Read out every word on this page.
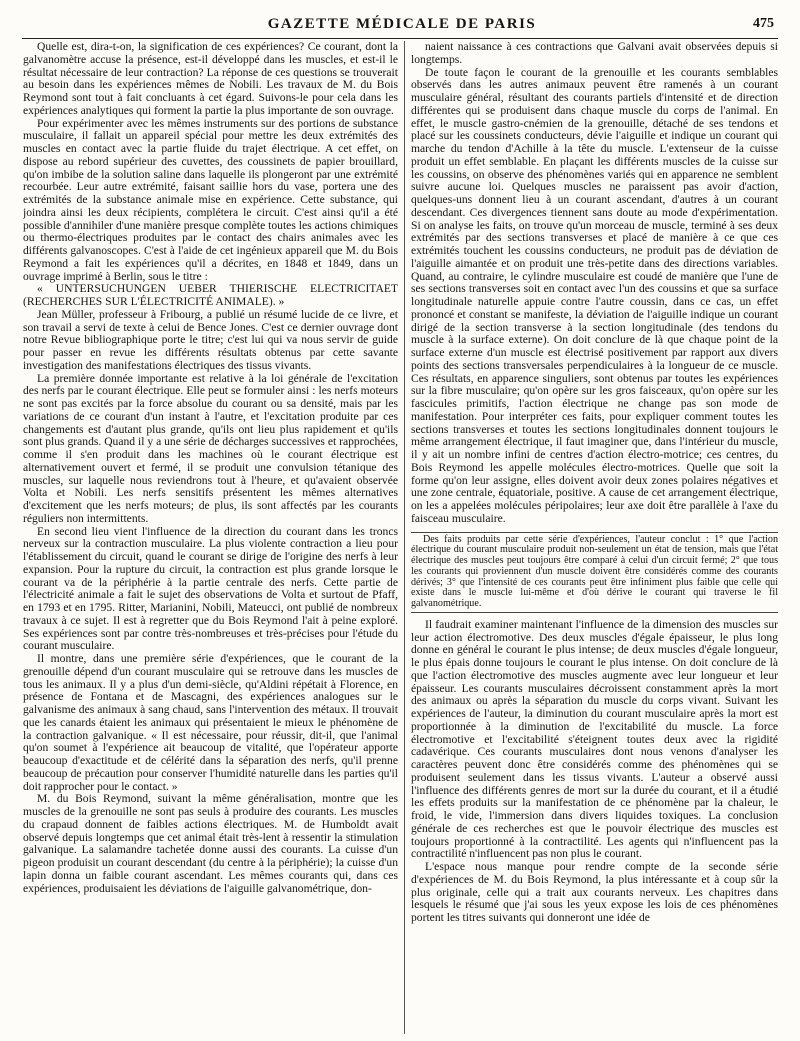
GAZETTE MÉDICALE DE PARIS	475

Quelle est, dira-t-on, la signification de ces expériences? Ce courant, dont la galvanomètre accuse la présence, est-il développé dans les muscles, et est-il le résultat nécessaire de leur contraction? La réponse de ces questions se trouverait au besoin dans les expériences mêmes de Nobili. Les travaux de M. du Bois Reymond sont tout à fait concluants à cet égard. Suivons-le pour cela dans les expériences analytiques qui forment la partie la plus importante de son ouvrage.

Pour expérimenter avec les mêmes instruments sur des portions de substance musculaire, il fallait un appareil spécial pour mettre les deux extrémités des muscles en contact avec la partie fluide du trajet électrique. A cet effet, on dispose au rebord supérieur des cuvettes, des coussinets de papier brouillard, qu'on imbibe de la solution saline dans laquelle ils plongeront par une extrémité recourbée. Leur autre extrémité, faisant saillie hors du vase, portera une des extrémités de la substance animale mise en expérience. Cette substance, qui joindra ainsi les deux récipients, complétera le circuit. C'est ainsi qu'il a été possible d'annihiler d'une manière presque complète toutes les actions chimiques ou thermo-électriques produites par le contact des chairs animales avec les différents galvanoscopes. C'est à l'aide de cet ingénieux appareil que M. du Bois Reymond a fait les expériences qu'il a décrites, en 1848 et 1849, dans un ouvrage imprimé à Berlin, sous le titre :

« UNTERSUCHUNGEN UEBER THIERISCHE ELECTRICITAET (RECHERCHES SUR L'ÉLECTRICITÉ ANIMALE). »

Jean Müller, professeur à Fribourg, a publié un résumé lucide de ce livre, et son travail a servi de texte à celui de Bence Jones. C'est ce dernier ouvrage dont notre Revue bibliographique porte le titre; c'est lui qui va nous servir de guide pour passer en revue les différents résultats obtenus par cette savante investigation des manifestations électriques des tissus vivants.

La première donnée importante est relative à la loi générale de l'excitation des nerfs par le courant électrique. Elle peut se formuler ainsi : les nerfs moteurs ne sont pas excités par la force absolue du courant ou sa densité, mais par les variations de ce courant d'un instant à l'autre, et l'excitation produite par ces changements est d'autant plus grande, qu'ils ont lieu plus rapidement et qu'ils sont plus grands. Quand il y a une série de décharges successives et rapprochées, comme il s'en produit dans les machines où le courant électrique est alternativement ouvert et fermé, il se produit une convulsion tétanique des muscles, sur laquelle nous reviendrons tout à l'heure, et qu'avaient observée Volta et Nobili. Les nerfs sensitifs présentent les mêmes alternatives d'excitement que les nerfs moteurs; de plus, ils sont affectés par les courants réguliers non intermittents.

En second lieu vient l'influence de la direction du courant dans les troncs nerveux sur la contraction musculaire. La plus violente contraction a lieu pour l'établissement du circuit, quand le courant se dirige de l'origine des nerfs à leur expansion. Pour la rupture du circuit, la contraction est plus grande lorsque le courant va de la périphérie à la partie centrale des nerfs. Cette partie de l'électricité animale a fait le sujet des observations de Volta et surtout de Pfaff, en 1793 et en 1795. Ritter, Marianini, Nobili, Mateucci, ont publié de nombreux travaux à ce sujet. Il est à regretter que du Bois Reymond l'ait à peine exploré. Ses expériences sont par contre très-nombreuses et très-précises pour l'étude du courant musculaire.

Il montre, dans une première série d'expériences, que le courant de la grenouille dépend d'un courant musculaire qui se retrouve dans les muscles de tous les animaux. Il y a plus d'un demi-siècle, qu'Aldini répétait à Florence, en présence de Fontana et de Mascagni, des expériences analogues sur le galvanisme des animaux à sang chaud, sans l'intervention des métaux. Il trouvait que les canards étaient les animaux qui présentaient le mieux le phénomène de la contraction galvanique. « Il est nécessaire, pour réussir, dit-il, que l'animal qu'on soumet à l'expérience ait beaucoup de vitalité, que l'opérateur apporte beaucoup d'exactitude et de célérité dans la séparation des nerfs, qu'il prenne beaucoup de précaution pour conserver l'humidité naturelle dans les parties qu'il doit rapprocher pour le contact. »

M. du Bois Reymond, suivant la même généralisation, montre que les muscles de la grenouille ne sont pas seuls à produire des courants. Les muscles du crapaud donnent de faibles actions électriques. M. de Humboldt avait observé depuis longtemps que cet animal était très-lent à ressentir la stimulation galvanique. La salamandre tachetée donne aussi des courants. La cuisse d'un pigeon produisit un courant descendant (du centre à la périphérie); la cuisse d'un lapin donna un faible courant ascendant. Les mêmes courants qui, dans ces expériences, produisaient les déviations de l'aiguille galvanométrique, don-

naient naissance à ces contractions que Galvani avait observées depuis si longtemps.

De toute façon le courant de la grenouille et les courants semblables observés dans les autres animaux peuvent être ramenés à un courant musculaire général, résultant des courants partiels d'intensité et de direction différentes qui se produisent dans chaque muscle du corps de l'animal. En effet, le muscle gastro-cnémien de la grenouille, détaché de ses tendons et placé sur les coussinets conducteurs, dévie l'aiguille et indique un courant qui marche du tendon d'Achille à la tête du muscle. L'extenseur de la cuisse produit un effet semblable. En plaçant les différents muscles de la cuisse sur les coussins, on observe des phénomènes variés qui en apparence ne semblent suivre aucune loi. Quelques muscles ne paraissent pas avoir d'action, quelques-uns donnent lieu à un courant ascendant, d'autres à un courant descendant. Ces divergences tiennent sans doute au mode d'expérimentation. Si on analyse les faits, on trouve qu'un morceau de muscle, terminé à ses deux extrémités par des sections transverses et placé de manière à ce que ces extrémités touchent les coussins conducteurs, ne produit pas de déviation de l'aiguille aimantée et on produit une très-petite dans des directions variables. Quand, au contraire, le cylindre musculaire est coudé de manière que l'une de ses sections transverses soit en contact avec l'un des coussins et que sa surface longitudinale naturelle appuie contre l'autre coussin, dans ce cas, un effet prononcé et constant se manifeste, la déviation de l'aiguille indique un courant dirigé de la section transverse à la section longitudinale (des tendons du muscle à la surface externe). On doit conclure de là que chaque point de la surface externe d'un muscle est électrisé positivement par rapport aux divers points des sections transversales perpendiculaires à la longueur de ce muscle. Ces résultats, en apparence singuliers, sont obtenus par toutes les expériences sur la fibre musculaire; qu'on opère sur les gros faisceaux, qu'on opère sur les fascicules primitifs, l'action électrique ne change pas son mode de manifestation. Pour interpréter ces faits, pour expliquer comment toutes les sections transverses et toutes les sections longitudinales donnent toujours le même arrangement électrique, il faut imaginer que, dans l'intérieur du muscle, il y ait un nombre infini de centres d'action électro-motrice; ces centres, du Bois Reymond les appelle molécules électro-motrices. Quelle que soit la forme qu'on leur assigne, elles doivent avoir deux zones polaires négatives et une zone centrale, équatoriale, positive. A cause de cet arrangement électrique, on les a appelées molécules péripolaires; leur axe doit être parallèle à l'axe du faisceau musculaire.

Des faits produits par cette série d'expériences, l'auteur conclut : 1° que l'action électrique du courant musculaire produit non-seulement un état de tension, mais que l'état électrique des muscles peut toujours être comparé à celui d'un circuit fermé; 2° que tous les courants qui proviennent d'un muscle doivent être considérés comme des courants dérivés; 3° que l'intensité de ces courants peut être infiniment plus faible que celle qui existe dans le muscle lui-même et d'où dérive le courant qui traverse le fil galvanométrique.

Il faudrait examiner maintenant l'influence de la dimension des muscles sur leur action électromotive. Des deux muscles d'égale épaisseur, le plus long donne en général le courant le plus intense; de deux muscles d'égale longueur, le plus épais donne toujours le courant le plus intense. On doit conclure de là que l'action électromotive des muscles augmente avec leur longueur et leur épaisseur. Les courants musculaires décroissent constamment après la mort des animaux ou après la séparation du muscle du corps vivant. Suivant les expériences de l'auteur, la diminution du courant musculaire après la mort est proportionnée à la diminution de l'excitabilité du muscle. La force électromotive et l'excitabilité s'éteignent toutes deux avec la rigidité cadavérique. Ces courants musculaires dont nous venons d'analyser les caractères peuvent donc être considérés comme des phénomènes qui se produisent seulement dans les tissus vivants. L'auteur a observé aussi l'influence des différents genres de mort sur la durée du courant, et il a étudié les effets produits sur la manifestation de ce phénomène par la chaleur, le froid, le vide, l'immersion dans divers liquides toxiques. La conclusion générale de ces recherches est que le pouvoir électrique des muscles est toujours proportionné à la contractilité. Les agents qui n'influencent pas la contractilité n'influencent pas non plus le courant.

L'espace nous manque pour rendre compte de la seconde série d'expériences de M. du Bois Reymond, la plus intéressante et à coup sûr la plus originale, celle qui a trait aux courants nerveux. Les chapitres dans lesquels le résumé que j'ai sous les yeux expose les lois de ces phénomènes portent les titres suivants qui donneront une idée de
